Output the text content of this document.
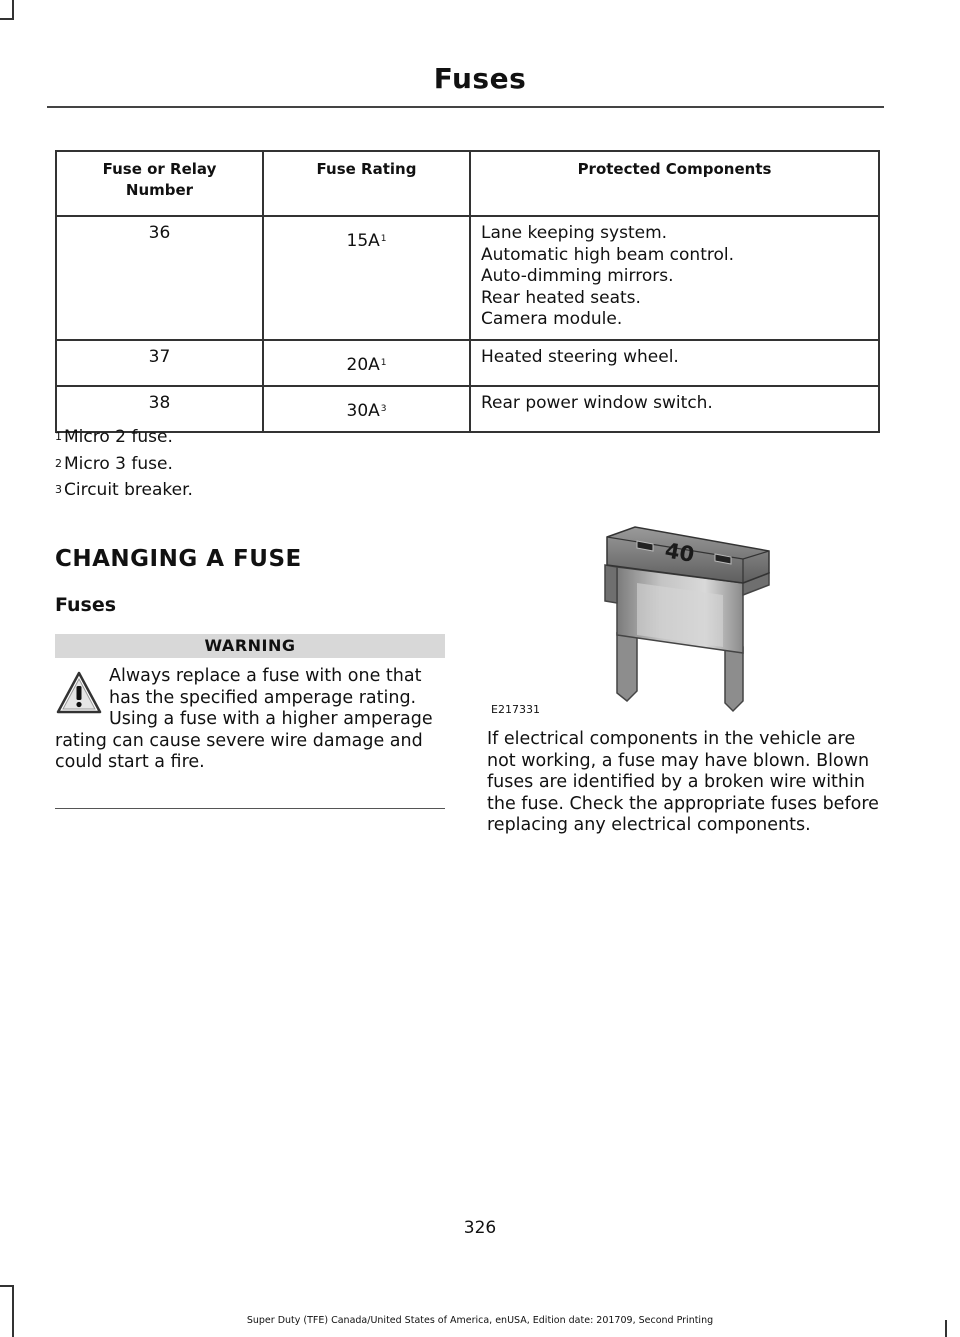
Fuses
Fuse or Relay Number	Fuse Rating	Protected Components
36	$15A^1$	Lane keeping system.
Automatic high beam control.
Auto-dimming mirrors.
Rear heated seats.
Camera module.

37	$20A^1$	Heated steering wheel.

38	$30A^3$	Rear power window switch.
$^1$ Micro 2 fuse.
$^2$ Micro 3 fuse.
$^3$ Circuit breaker.
CHANGING A FUSE
Fuses
WARNING
Always replace a fuse with one that has the specified amperage rating. Using a fuse with a higher amperage rating can cause severe wire damage and could start a fire.
40
E217331
If electrical components in the vehicle are not working, a fuse may have blown. Blown fuses are identified by a broken wire within the fuse. Check the appropriate fuses before replacing any electrical components.
326
Super Duty (TFE) Canada/United States of America, enUSA, Edition date: 201709, Second Printing
